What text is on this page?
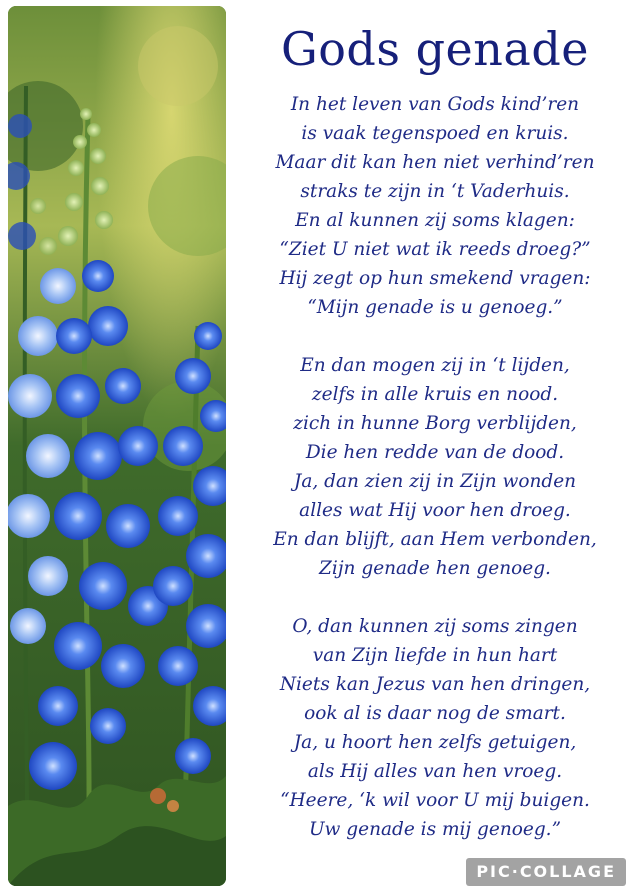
Gods genade
In het leven van Gods kind’ren
is vaak tegenspoed en kruis.
Maar dit kan hen niet verhind’ren
straks te zijn in ‘t Vaderhuis.
En al kunnen zij soms klagen:
“Ziet U niet wat ik reeds droeg?”
Hij zegt op hun smekend vragen:
“Mijn genade is u genoeg.”
En dan mogen zij in ‘t lijden,
zelfs in alle kruis en nood.
zich in hunne Borg verblijden,
Die hen redde van de dood.
Ja, dan zien zij in Zijn wonden
alles wat Hij voor hen droeg.
En dan blijft, aan Hem verbonden,
Zijn genade hen genoeg.
O, dan kunnen zij soms zingen
van Zijn liefde in hun hart
Niets kan Jezus van hen dringen,
ook al is daar nog de smart.
Ja, u hoort hen zelfs getuigen,
als Hij alles van hen vroeg.
“Heere, ‘k wil voor U mij buigen.
Uw genade is mij genoeg.”
PIC·COLLAGE
